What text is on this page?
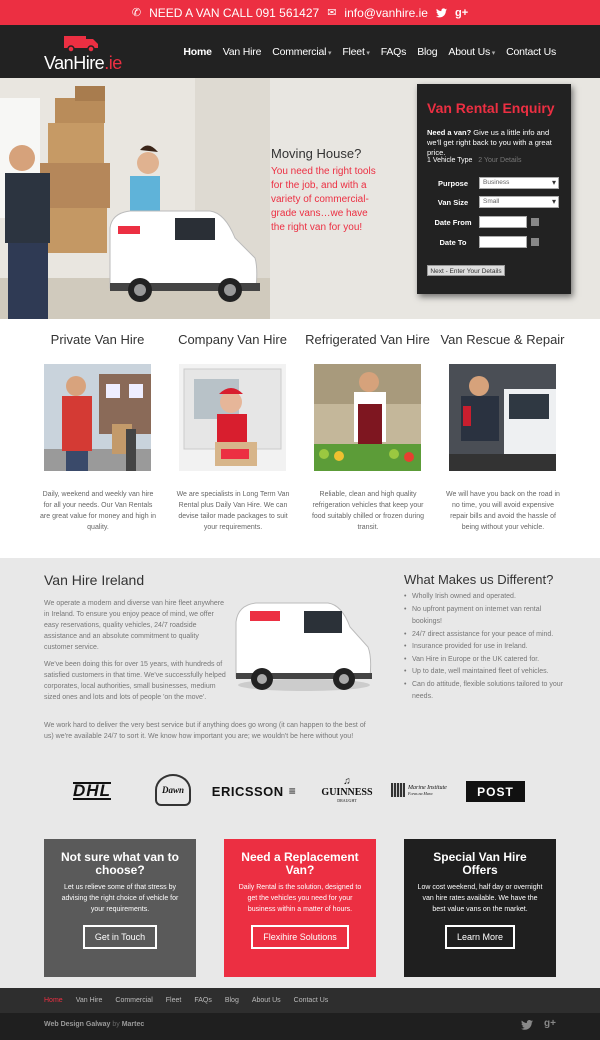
✆ NEED A VAN CALL 091 561427 ✉ info@vanhire.ie g+
VanHire.ie
Home Van Hire Commercial ▾ Fleet ▾ FAQs Blog About Us ▾ Contact Us
Moving House?
You need the right tools for the job, and with a variety of commercial-grade vans…we have the right van for you!
Van Rental Enquiry
Need a van? Give us a little info and we'll get right back to you with a great price.
1 Vehicle Type 2 Your Details
Purpose	Business ▾
Van Size	Small ▾
Date From
Date To
Next - Enter Your Details
Private Van Hire	Company Van Hire	Refrigerated Van Hire Van Rescue & Repair
Daily, weekend and weekly van hire for all your needs. Our Van Rentals are great value for money and high in quality.
We are specialists in Long Term Van Rental plus Daily Van Hire. We can devise tailor made packages to suit your requirements.
Reliable, clean and high quality refrigeration vehicles that keep your food suitably chilled or frozen during transit.
We will have you back on the road in no time, you will avoid expensive repair bills and avoid the hassle of being without your vehicle.
Van Hire Ireland
We operate a modern and diverse van hire fleet anywhere in Ireland. To ensure you enjoy peace of mind, we offer easy reservations, quality vehicles, 24/7 roadside assistance and an absolute commitment to quality customer service.
We've been doing this for over 15 years, with hundreds of satisfied customers in that time. We've successfully helped corporates, local authorities, small businesses, medium sized ones and lots and lots of people 'on the move'.
We work hard to deliver the very best service but if anything does go wrong (it can happen to the best of us) we're available 24/7 to sort it. We know how important you are; we wouldn't be here without you!
What Makes us Different?
• Wholly Irish owned and operated.
• No upfront payment on internet van rental bookings!
• 24/7 direct assistance for your peace of mind.
• Insurance provided for use in Ireland.
• Van Hire in Europe or the UK catered for.
• Up to date, well maintained fleet of vehicles.
• Can do attitude, flexible solutions tailored to your needs.
DHL	Dawn	ERICSSON ≡
♫
GUINNESS
DRAUGHT
Marine Institute
Foras na Mara	POST
Not sure what van to choose?

Let us relieve some of that stress by advising the right choice of vehicle for your requirements.

Get in Touch
Need a Replacement Van?

Daily Rental is the solution, designed to get the vehicles you need for your business within a matter of hours.

Flexihire Solutions
Special Van Hire Offers

Low cost weekend, half day or overnight van hire rates available. We have the best value vans on the market.

Learn More
Home Van Hire Commercial Fleet FAQs Blog About Us Contact Us
Web Design Galway by Martec	g+
